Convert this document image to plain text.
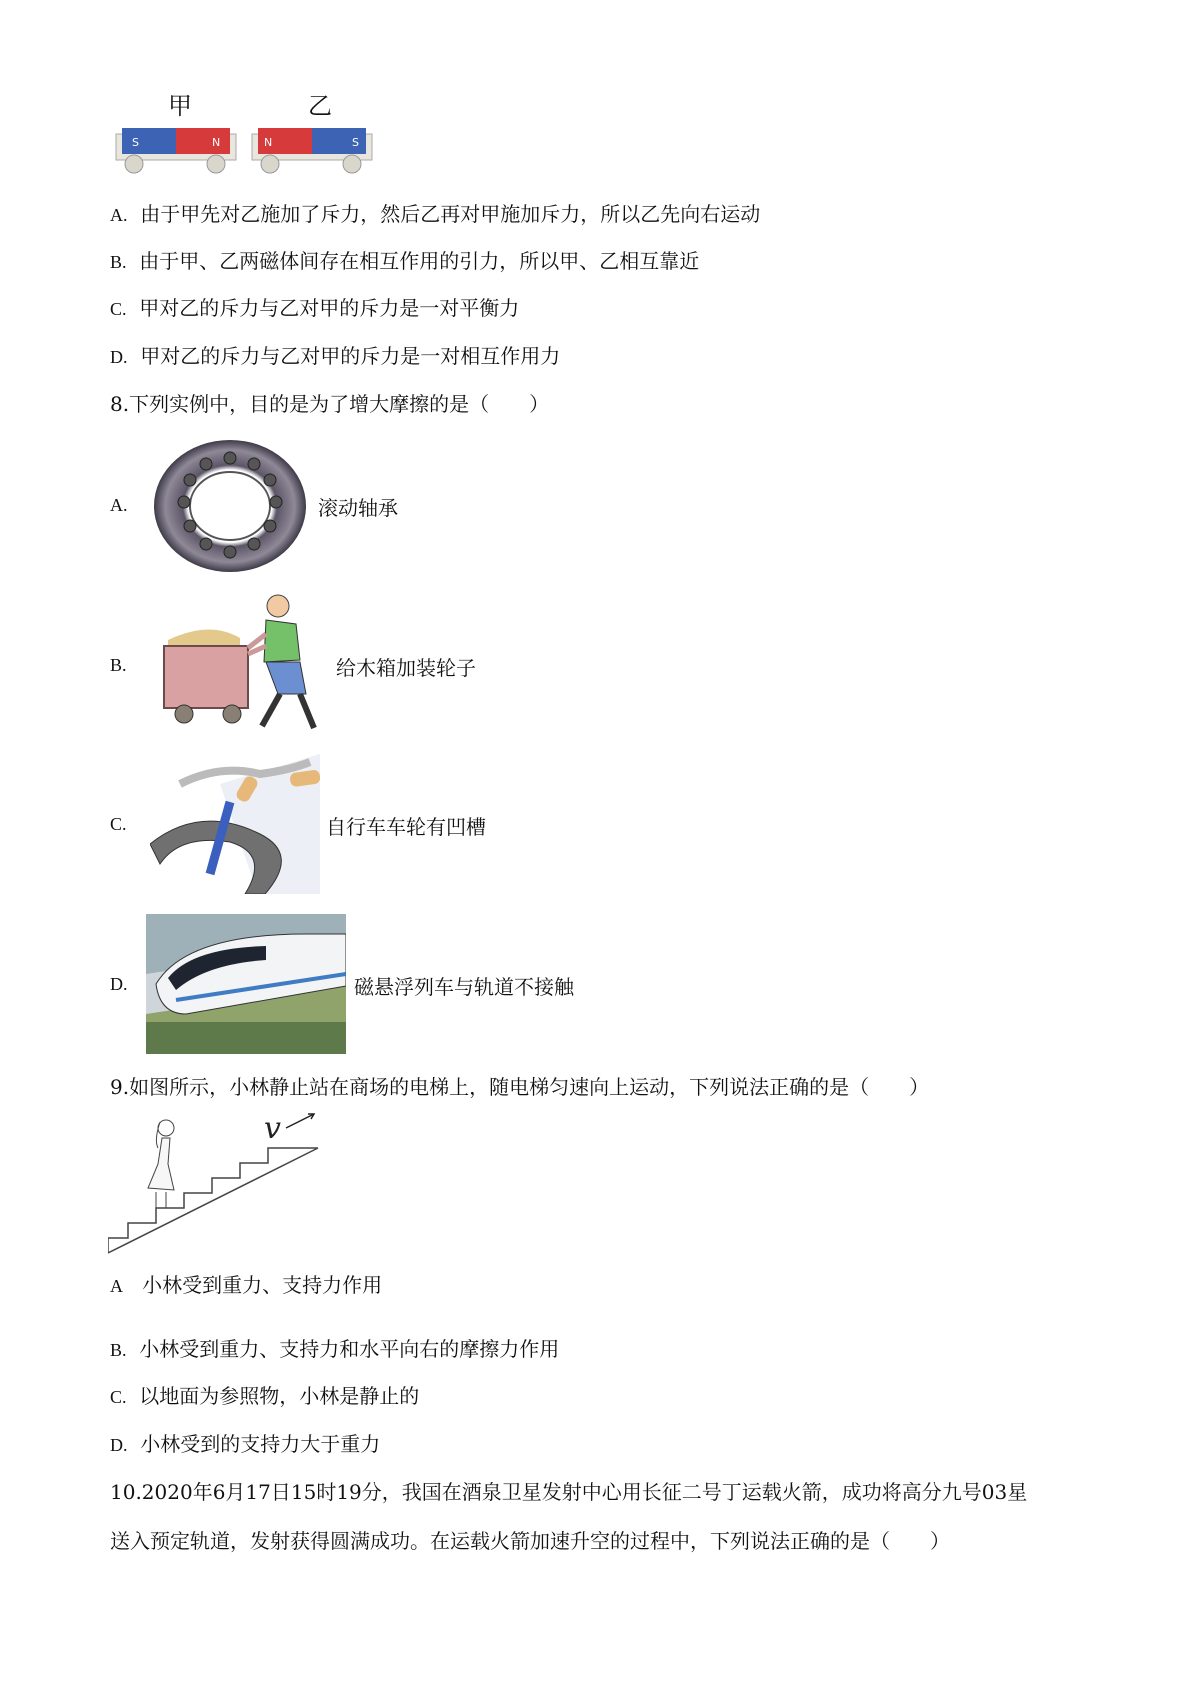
甲	乙
S	N	N	S
A. 由于甲先对乙施加了斥力，然后乙再对甲施加斥力，所以乙先向右运动
B. 由于甲、乙两磁体间存在相互作用的引力，所以甲、乙相互靠近
C. 甲对乙的斥力与乙对甲的斥力是一对平衡力
D. 甲对乙的斥力与乙对甲的斥力是一对相互作用力
8.下列实例中，目的是为了增大摩擦的是（　　）
A.	滚动轴承
B.	给木箱加装轮子
C.	自行车车轮有凹槽
D.	磁悬浮列车与轨道不接触
9.如图所示，小林静止站在商场的电梯上，随电梯匀速向上运动，下列说法正确的是（　　）
v
A 小林受到重力、支持力作用
B. 小林受到重力、支持力和水平向右的摩擦力作用
C. 以地面为参照物，小林是静止的
D. 小林受到的支持力大于重力
10.2020年6月17日15时19分，我国在酒泉卫星发射中心用长征二号丁运载火箭，成功将高分九号03星
送入预定轨道，发射获得圆满成功。在运载火箭加速升空的过程中，下列说法正确的是（　　）
